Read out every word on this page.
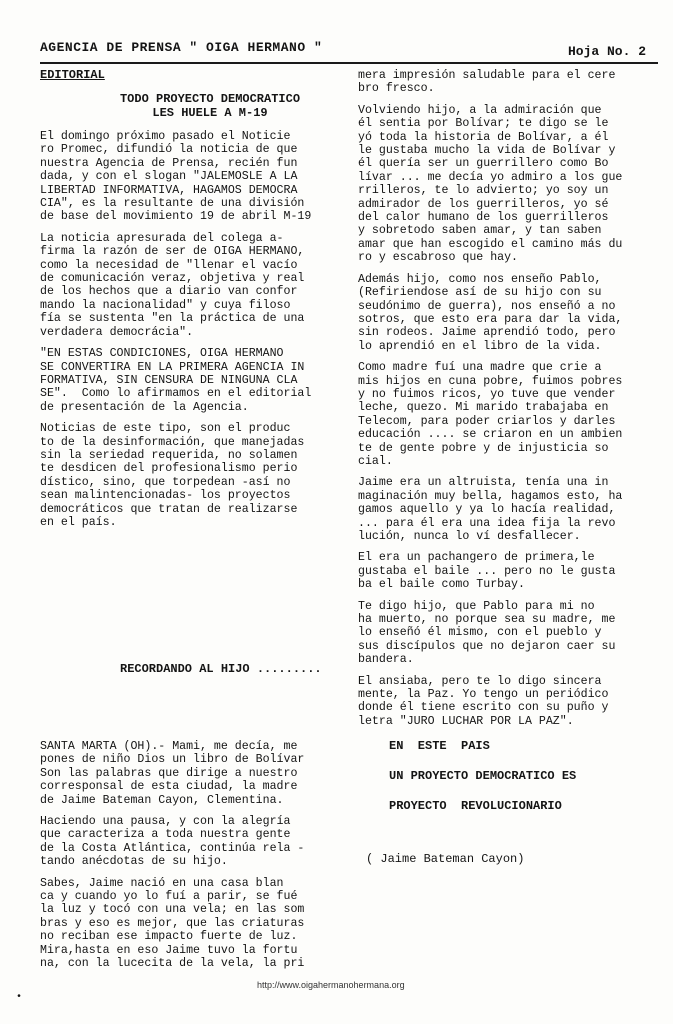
AGENCIA DE PRENSA " OIGA HERMANO "	Hoja No. 2
EDITORIAL
TODO PROYECTO DEMOCRATICO
LES HUELE A M-19

El domingo próximo pasado el Noticie
ro Promec, difundió la noticia de que
nuestra Agencia de Prensa, recién fun
dada, y con el slogan "JALEMOSLE A LA
LIBERTAD INFORMATIVA, HAGAMOS DEMOCRA
CIA", es la resultante de una división
de base del movimiento 19 de abril M-19

La noticia apresurada del colega a-
firma la razón de ser de OIGA HERMANO,
como la necesidad de "llenar el vacío
de comunicación veraz, objetiva y real
de los hechos que a diario van confor
mando la nacionalidad" y cuya filoso
fía se sustenta "en la práctica de una
verdadera democrácia".

"EN ESTAS CONDICIONES, OIGA HERMANO
SE CONVERTIRA EN LA PRIMERA AGENCIA IN
FORMATIVA, SIN CENSURA DE NINGUNA CLA
SE".  Como lo afirmamos en el editorial
de presentación de la Agencia.

Noticias de este tipo, son el produc
to de la desinformación, que manejadas
sin la seriedad requerida, no solamen
te desdicen del profesionalismo perio
dístico, sino, que torpedean -así no
sean malintencionadas- los proyectos
democráticos que tratan de realizarse
en el país.

mera impresión saludable para el cere
bro fresco.

Volviendo hijo, a la admiración que
él sentia por Bolívar; te digo se le
yó toda la historia de Bolívar, a él
le gustaba mucho la vida de Bolívar y
él quería ser un guerrillero como Bo
lívar ... me decía yo admiro a los gue
rrilleros, te lo advierto; yo soy un
admirador de los guerrilleros, yo sé
del calor humano de los guerrilleros
y sobretodo saben amar, y tan saben
amar que han escogido el camino más du
ro y escabroso que hay.

Además hijo, como nos enseño Pablo,
(Refiriendose así de su hijo con su
seudónimo de guerra), nos enseñó a no
sotros, que esto era para dar la vida,
sin rodeos. Jaime aprendió todo, pero
lo aprendió en el libro de la vida.

Como madre fuí una madre que crie a
mis hijos en cuna pobre, fuimos pobres
y no fuimos ricos, yo tuve que vender
leche, quezo. Mi marido trabajaba en
Telecom, para poder criarlos y darles
educación .... se criaron en un ambien
te de gente pobre y de injusticia so
cial.

Jaime era un altruista, tenía una in
maginación muy bella, hagamos esto, ha
gamos aquello y ya lo hacía realidad,
... para él era una idea fija la revo
lución, nunca lo ví desfallecer.

El era un pachangero de primera,le
gustaba el baile ... pero no le gusta
ba el baile como Turbay.

Te digo hijo, que Pablo para mi no
ha muerto, no porque sea su madre, me
lo enseñó él mismo, con el pueblo y
sus discípulos que no dejaron caer su
bandera.

El ansiaba, pero te lo digo sincera
mente, la Paz. Yo tengo un periódico
donde él tiene escrito con su puño y
letra "JURO LUCHAR POR LA PAZ".

RECORDANDO AL HIJO .........

SANTA MARTA (OH).- Mami, me decía, me
pones de niño Dios un libro de Bolívar
Son las palabras que dirige a nuestro
corresponsal de esta ciudad, la madre
de Jaime Bateman Cayon, Clementina.

Haciendo una pausa, y con la alegría
que caracteriza a toda nuestra gente
de la Costa Atlántica, continúa rela -
tando anécdotas de su hijo.

Sabes, Jaime nació en una casa blan
ca y cuando yo lo fuí a parir, se fué
la luz y tocó con una vela; en las som
bras y eso es mejor, que las criaturas
no reciban ese impacto fuerte de luz.
Mira,hasta en eso Jaime tuvo la fortu
na, con la lucecita de la vela, la pri

EN  ESTE  PAIS
UN PROYECTO DEMOCRATICO ES
PROYECTO  REVOLUCIONARIO
( Jaime Bateman Cayon)
http://www.oigahermanohermana.org
•
